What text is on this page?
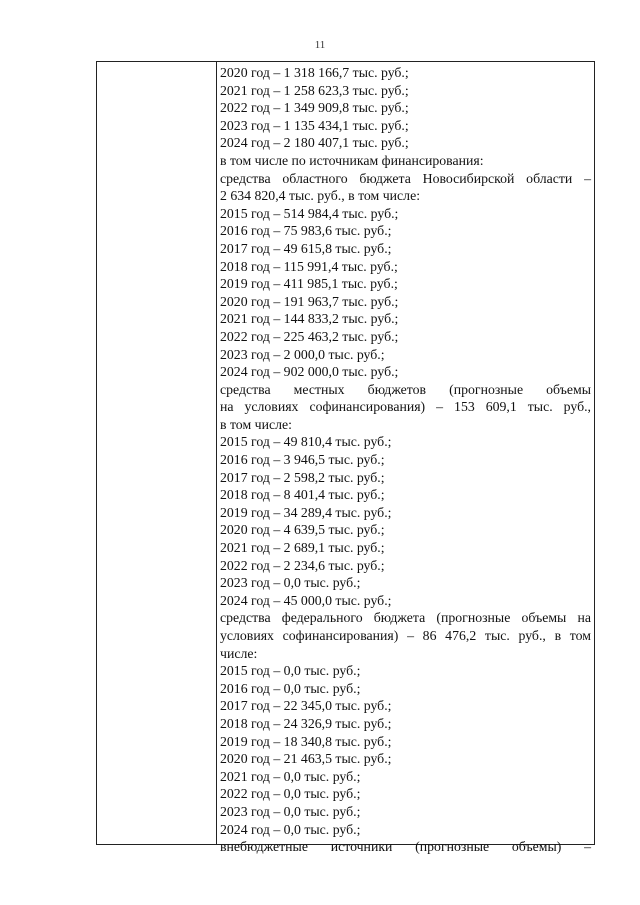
11
2020 год – 1 318 166,7 тыс. руб.;
2021 год – 1 258 623,3 тыс. руб.;
2022 год – 1 349 909,8 тыс. руб.;
2023 год – 1 135 434,1 тыс. руб.;
2024 год – 2 180 407,1 тыс. руб.;
в том числе по источникам финансирования:
средства областного бюджета Новосибирской области –
2 634 820,4 тыс. руб., в том числе:
2015 год – 514 984,4 тыс. руб.;
2016 год – 75 983,6 тыс. руб.;
2017 год – 49 615,8 тыс. руб.;
2018 год – 115 991,4 тыс. руб.;
2019 год – 411 985,1 тыс. руб.;
2020 год – 191 963,7 тыс. руб.;
2021 год – 144 833,2 тыс. руб.;
2022 год – 225 463,2 тыс. руб.;
2023 год – 2 000,0 тыс. руб.;
2024 год – 902 000,0 тыс. руб.;
средства местных бюджетов (прогнозные объемы
на условиях софинансирования) – 153 609,1 тыс. руб.,
в том числе:
2015 год – 49 810,4 тыс. руб.;
2016 год – 3 946,5 тыс. руб.;
2017 год – 2 598,2 тыс. руб.;
2018 год – 8 401,4 тыс. руб.;
2019 год – 34 289,4 тыс. руб.;
2020 год – 4 639,5 тыс. руб.;
2021 год – 2 689,1 тыс. руб.;
2022 год – 2 234,6 тыс. руб.;
2023 год – 0,0 тыс. руб.;
2024 год – 45 000,0 тыс. руб.;
средства федерального бюджета (прогнозные объемы на
условиях софинансирования) – 86 476,2 тыс. руб., в том
числе:
2015 год – 0,0 тыс. руб.;
2016 год – 0,0 тыс. руб.;
2017 год – 22 345,0 тыс. руб.;
2018 год – 24 326,9 тыс. руб.;
2019 год – 18 340,8 тыс. руб.;
2020 год – 21 463,5 тыс. руб.;
2021 год – 0,0 тыс. руб.;
2022 год – 0,0 тыс. руб.;
2023 год – 0,0 тыс. руб.;
2024 год – 0,0 тыс. руб.;
внебюджетные источники (прогнозные объемы) –
